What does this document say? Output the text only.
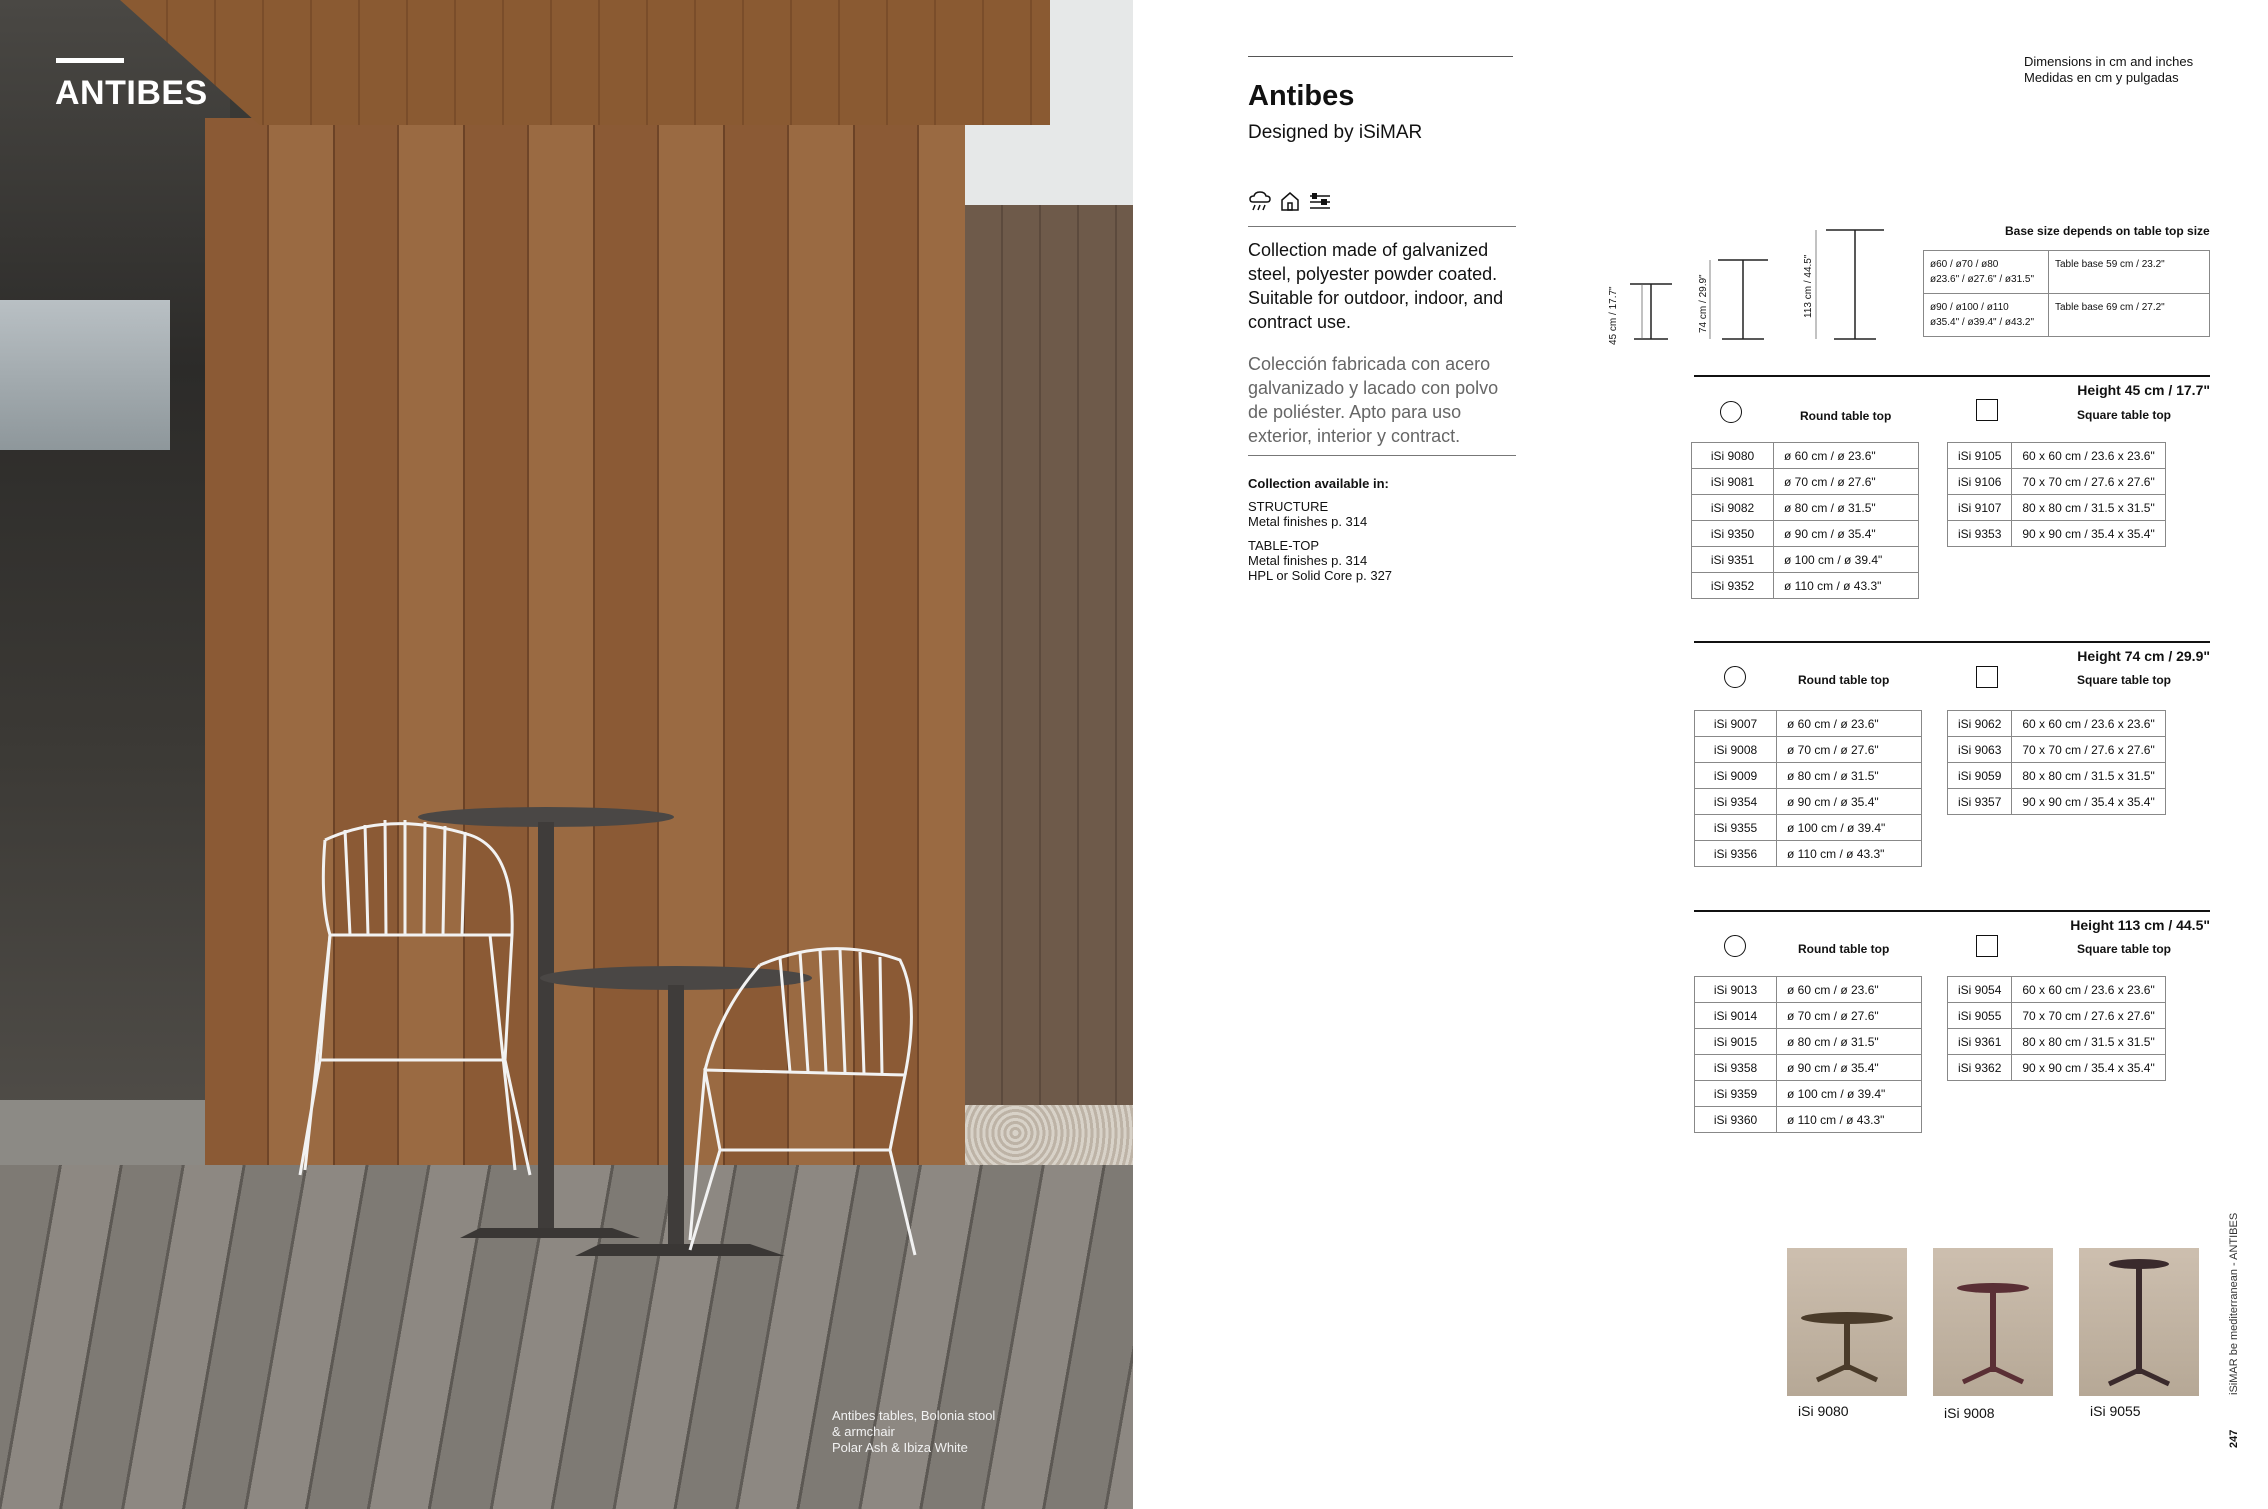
ANTIBES
Antibes tables, Bolonia stool
& armchair
Polar Ash & Ibiza White
Antibes
Designed by iSiMAR
Collection made of galvanized steel, polyester powder coated. Suitable for outdoor, indoor, and contract use.
Colección fabricada con acero galvanizado y lacado con polvo de poliéster. Apto para uso exterior, interior y contract.
Collection available in:
STRUCTURE
Metal finishes p. 314
TABLE-TOP
Metal finishes p. 314
HPL or Solid Core p. 327
Dimensions in cm and inches
Medidas en cm y pulgadas
45 cm / 17.7"	74 cm / 29.9"	113 cm / 44.5"
Base size depends on table top size
ø60 / ø70 / ø80
ø23.6" / ø27.6" / ø31.5"	Table base 59 cm / 23.2"

ø90 / ø100 / ø110
ø35.4" / ø39.4" / ø43.2"	Table base 69 cm / 27.2"
Height 45 cm / 17.7"
Round table top	Square table top
iSi 9080	ø 60 cm / ø 23.6"
iSi 9081	ø 70 cm / ø 27.6"
iSi 9082	ø 80 cm / ø 31.5"
iSi 9350	ø 90 cm / ø 35.4"
iSi 9351	ø 100 cm / ø 39.4"
iSi 9352	ø 110 cm / ø 43.3"
iSi 9105	60 x 60 cm / 23.6 x 23.6"
iSi 9106	70 x 70 cm / 27.6 x 27.6"
iSi 9107	80 x 80 cm / 31.5 x 31.5"
iSi 9353	90 x 90 cm / 35.4 x 35.4"
Height 74 cm / 29.9"
Round table top	Square table top
iSi 9007	ø 60 cm / ø 23.6"
iSi 9008	ø 70 cm / ø 27.6"
iSi 9009	ø 80 cm / ø 31.5"
iSi 9354	ø 90 cm / ø 35.4"
iSi 9355	ø 100 cm / ø 39.4"
iSi 9356	ø 110 cm / ø 43.3"
iSi 9062	60 x 60 cm / 23.6 x 23.6"
iSi 9063	70 x 70 cm / 27.6 x 27.6"
iSi 9059	80 x 80 cm / 31.5 x 31.5"
iSi 9357	90 x 90 cm / 35.4 x 35.4"
Height 113 cm / 44.5"
Round table top	Square table top
iSi 9013	ø 60 cm / ø 23.6"
iSi 9014	ø 70 cm / ø 27.6"
iSi 9015	ø 80 cm / ø 31.5"
iSi 9358	ø 90 cm / ø 35.4"
iSi 9359	ø 100 cm / ø 39.4"
iSi 9360	ø 110 cm / ø 43.3"
iSi 9054	60 x 60 cm / 23.6 x 23.6"
iSi 9055	70 x 70 cm / 27.6 x 27.6"
iSi 9361	80 x 80 cm / 31.5 x 31.5"
iSi 9362	90 x 90 cm / 35.4 x 35.4"
iSi 9080	iSi 9008	iSi 9055
iSiMAR be mediterranean - ANTIBES
247
